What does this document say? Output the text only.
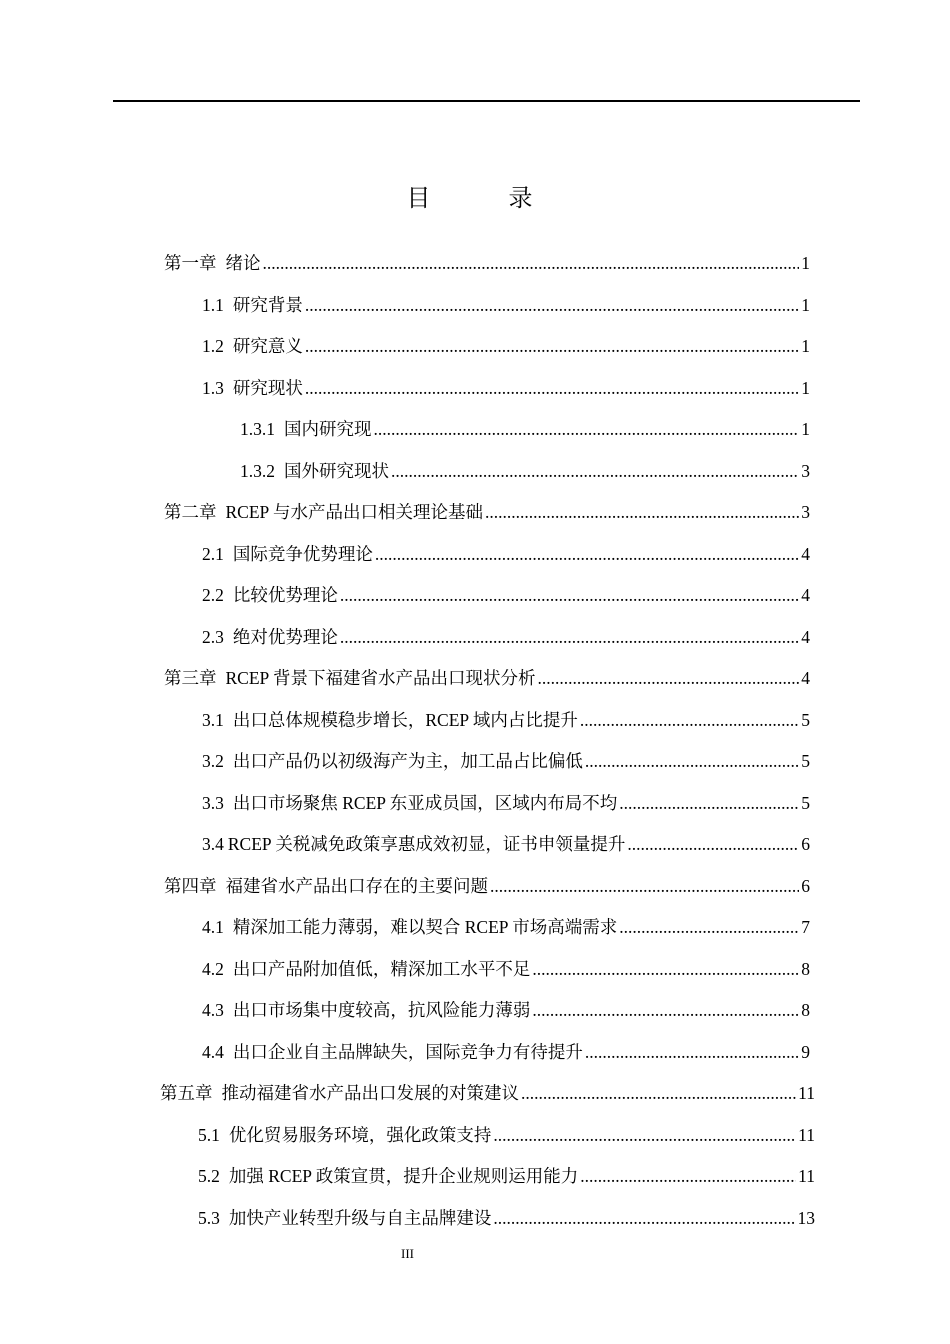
目 录
第一章 绪论 .....	1
1.1 研究背景 .....	1
1.2 研究意义 .....	1
1.3 研究现状 .....	1
1.3.1 国内研究现 .....	1
1.3.2 国外研究现状 .....	3
第二章 RCEP 与水产品出口相关理论基础 .....	3
2.1 国际竞争优势理论 .....	4
2.2 比较优势理论 .....	4
2.3 绝对优势理论 .....	4
第三章 RCEP 背景下福建省水产品出口现状分析 .....	4
3.1 出口总体规模稳步增长，RCEP 域内占比提升 .....	5
3.2 出口产品仍以初级海产为主，加工品占比偏低 .....	5
3.3 出口市场聚焦 RCEP 东亚成员国，区域内布局不均 .....	5
3.4 RCEP 关税减免政策享惠成效初显，证书申领量提升 .....	6
第四章 福建省水产品出口存在的主要问题 .....	6
4.1 精深加工能力薄弱，难以契合 RCEP 市场高端需求 .....	7
4.2 出口产品附加值低，精深加工水平不足 .....	8
4.3 出口市场集中度较高，抗风险能力薄弱 .....	8
4.4 出口企业自主品牌缺失，国际竞争力有待提升 .....	9
第五章 推动福建省水产品出口发展的对策建议 .....	11
5.1 优化贸易服务环境，强化政策支持 .....	11
5.2 加强 RCEP 政策宣贯，提升企业规则运用能力 .....	11
5.3 加快产业转型升级与自主品牌建设 .....	13
III
